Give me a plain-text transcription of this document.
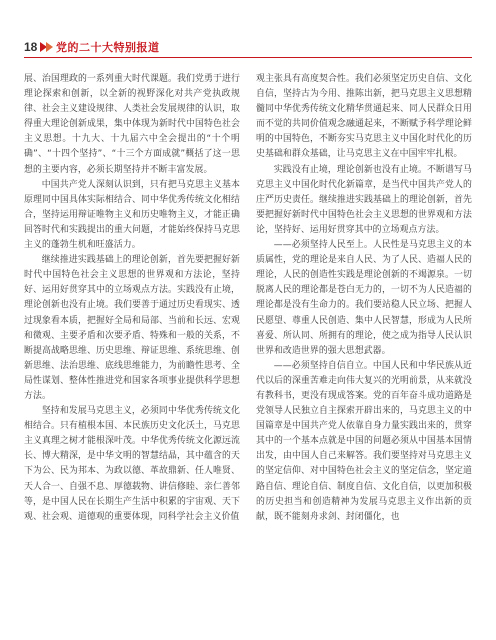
18 党的二十大特别报道

展、治国理政的一系列重大时代课题。我们党勇于进行理论探索和创新，以全新的视野深化对共产党执政规律、社会主义建设规律、人类社会发展规律的认识，取得重大理论创新成果，集中体现为新时代中国特色社会主义思想。十九大、十九届六中全会提出的“十个明确”、“十四个坚持”、“十三个方面成就”概括了这一思想的主要内容，必须长期坚持并不断丰富发展。

中国共产党人深刻认识到，只有把马克思主义基本原理同中国具体实际相结合、同中华优秀传统文化相结合，坚持运用辩证唯物主义和历史唯物主义，才能正确回答时代和实践提出的重大问题，才能始终保持马克思主义的蓬勃生机和旺盛活力。

继续推进实践基础上的理论创新，首先要把握好新时代中国特色社会主义思想的世界观和方法论，坚持好、运用好贯穿其中的立场观点方法。实践没有止境，理论创新也没有止境。我们要善于通过历史看现实、透过现象看本质，把握好全局和局部、当前和长远、宏观和微观、主要矛盾和次要矛盾、特殊和一般的关系，不断提高战略思维、历史思维、辩证思维、系统思维、创新思维、法治思维、底线思维能力，为前瞻性思考、全局性谋划、整体性推进党和国家各项事业提供科学思想方法。

坚持和发展马克思主义，必须同中华优秀传统文化相结合。只有植根本国、本民族历史文化沃土，马克思主义真理之树才能根深叶茂。中华优秀传统文化源远流长、博大精深，是中华文明的智慧结晶，其中蕴含的天下为公、民为邦本、为政以德、革故鼎新、任人唯贤、天人合一、自强不息、厚德载物、讲信修睦、亲仁善邻等，是中国人民在长期生产生活中积累的宇宙观、天下观、社会观、道德观的重要体现，同科学社会主义价值

观主张具有高度契合性。我们必须坚定历史自信、文化自信，坚持古为今用、推陈出新，把马克思主义思想精髓同中华优秀传统文化精华贯通起来、同人民群众日用而不觉的共同价值观念融通起来，不断赋予科学理论鲜明的中国特色，不断夯实马克思主义中国化时代化的历史基础和群众基础，让马克思主义在中国牢牢扎根。

实践没有止境，理论创新也没有止境。不断谱写马克思主义中国化时代化新篇章，是当代中国共产党人的庄严历史责任。继续推进实践基础上的理论创新，首先要把握好新时代中国特色社会主义思想的世界观和方法论，坚持好、运用好贯穿其中的立场观点方法。

——必须坚持人民至上。人民性是马克思主义的本质属性，党的理论是来自人民、为了人民、造福人民的理论，人民的创造性实践是理论创新的不竭源泉。一切脱离人民的理论都是苍白无力的，一切不为人民造福的理论都是没有生命力的。我们要站稳人民立场、把握人民愿望、尊重人民创造、集中人民智慧，形成为人民所喜爱、所认同、所拥有的理论，使之成为指导人民认识世界和改造世界的强大思想武器。

——必须坚持自信自立。中国人民和中华民族从近代以后的深重苦难走向伟大复兴的光明前景，从来就没有教科书，更没有现成答案。党的百年奋斗成功道路是党领导人民独立自主探索开辟出来的，马克思主义的中国篇章是中国共产党人依靠自身力量实践出来的，贯穿其中的一个基本点就是中国的问题必须从中国基本国情出发，由中国人自己来解答。我们要坚持对马克思主义的坚定信仰、对中国特色社会主义的坚定信念，坚定道路自信、理论自信、制度自信、文化自信，以更加积极的历史担当和创造精神为发展马克思主义作出新的贡献，既不能刻舟求剑、封闭僵化，也
